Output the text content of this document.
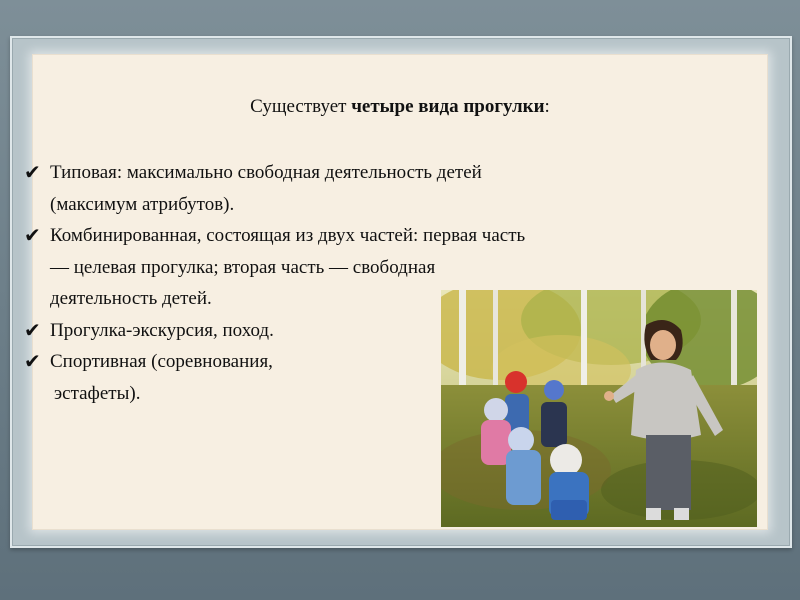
Существует четыре вида прогулки:
✔ Типовая: максимально свободная деятельность детей
(максимум атрибутов).
✔ Комбинированная, состоящая из двух частей: первая часть
— целевая прогулка; вторая часть — свободная
деятельность детей.
✔ Прогулка-экскурсия, поход.
✔ Спортивная (соревнования,
эстафеты).
